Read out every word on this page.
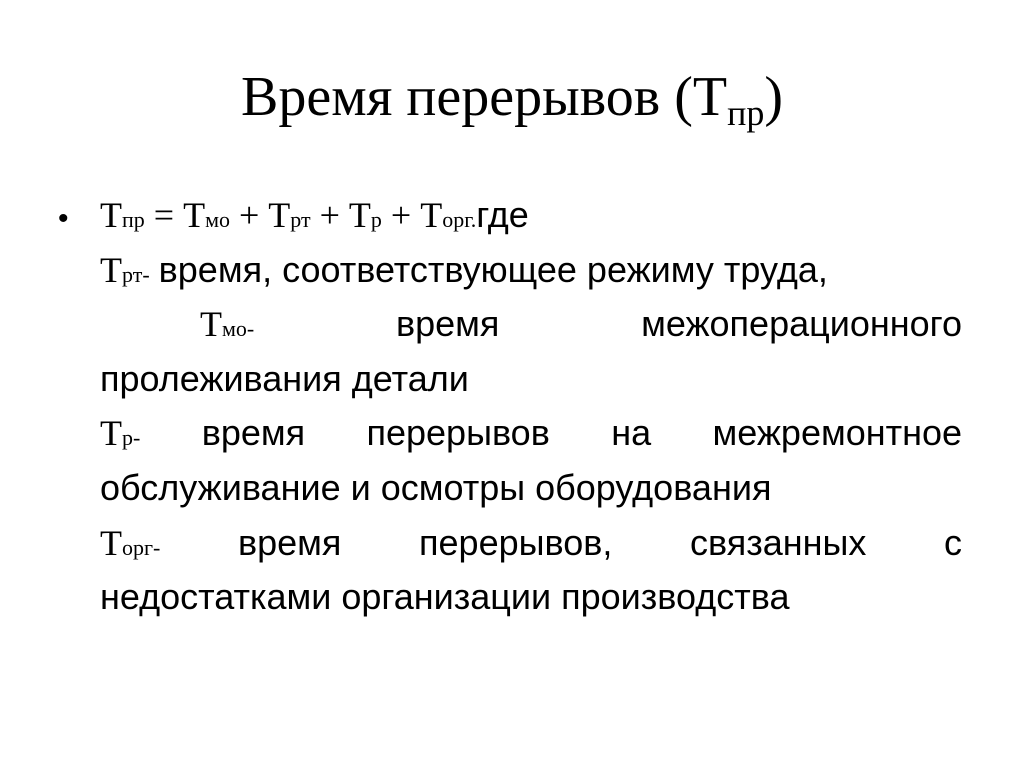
Время перерывов $(Т_{пр})$
• Тпр = Тмо + Трт + Тр + Торг.где
Трт- время, соответствующее режиму труда,
Тмо-	время	межоперационного
пролеживания детали
Тр- время перерывов на межремонтное
обслуживание и осмотры оборудования
Торг- время перерывов, связанных с
недостатками организации производства
